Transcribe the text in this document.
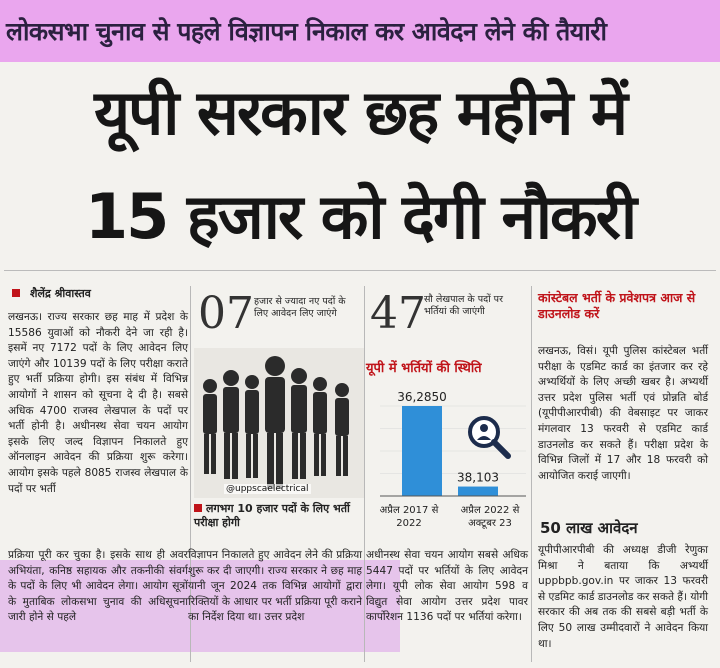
लोकसभा चुनाव से पहले विज्ञापन निकाल कर आवेदन लेने की तैयारी
यूपी सरकार छह महीने में
15 हजार को देगी नौकरी
शैलेंद्र श्रीवास्तव
लखनऊ। राज्य सरकार छह माह में प्रदेश के 15586 युवाओं को नौकरी देने जा रही है। इसमें नए 7172 पदों के लिए आवेदन लिए जाएंगे और 10139 पदों के लिए परीक्षा कराते हुए भर्ती प्रक्रिया होगी। इस संबंध में विभिन्न आयोगों ने शासन को सूचना दे दी है। सबसे अधिक 4700 राजस्व लेखपाल के पदों पर भर्ती होनी है। अधीनस्थ सेवा चयन आयोग इसके लिए जल्द विज्ञापन निकालते हुए ऑनलाइन आवेदन की प्रक्रिया शुरू करेगा। आयोग इसके पहले 8085 राजस्व लेखपाल के पदों पर भर्ती
प्रक्रिया पूरी कर चुका है। इसके साथ ही अवर अभियंता, कनिष्ठ सहायक और तकनीकी संवर्ग के पदों के लिए भी आवेदन लेगा। आयोग सूत्रों के मुताबिक लोकसभा चुनाव की अधिसूचना जारी होने से पहले
07 हजार से ज्यादा नए पदों के लिए आवेदन लिए जाएंगे 47
सौ लेखपाल के पदों पर भर्तियां की जाएंगी
@uppscaelectrical
लगभग 10 हजार पदों के लिए भर्ती परीक्षा होगी
यूपी में भर्तियों की स्थिति
36,2850
38,103
अप्रैल 2017 से 2022
अप्रैल 2022 से अक्टूबर 23
विज्ञापन निकालते हुए आवेदन लेने की प्रक्रिया शुरू कर दी जाएगी। राज्य सरकार ने छह माह यानी जून 2024 तक विभिन्न आयोगों द्वारा रिक्तियों के आधार पर भर्ती प्रक्रिया पूरी कराने का निर्देश दिया था। उत्तर प्रदेश
अधीनस्थ सेवा चयन आयोग सबसे अधिक 5447 पदों पर भर्तियों के लिए आवेदन लेगा। यूपी लोक सेवा आयोग 598 व विद्युत सेवा आयोग उत्तर प्रदेश पावर कार्पोरेशन 1136 पदों पर भर्तियां करेगा।
कांस्टेबल भर्ती के प्रवेशपत्र आज से डाउनलोड करें
लखनऊ, विसं। यूपी पुलिस कांस्टेबल भर्ती परीक्षा के एडमिट कार्ड का इंतजार कर रहे अभ्यर्थियों के लिए अच्छी खबर है। अभ्यर्थी उत्तर प्रदेश पुलिस भर्ती एवं प्रोन्नति बोर्ड (यूपीपीआरपीबी) की वेबसाइट पर जाकर मंगलवार 13 फरवरी से एडमिट कार्ड डाउनलोड कर सकते हैं। परीक्षा प्रदेश के विभिन्न जिलों में 17 और 18 फरवरी को आयोजित कराई जाएगी।
50 लाख आवेदन
यूपीपीआरपीबी की अध्यक्ष डीजी रेणुका मिश्रा ने बताया कि अभ्यर्थी uppbpb.gov.in पर जाकर 13 फरवरी से एडमिट कार्ड डाउनलोड कर सकते हैं। योगी सरकार की अब तक की सबसे बड़ी भर्ती के लिए 50 लाख उम्मीदवारों ने आवेदन किया था।
